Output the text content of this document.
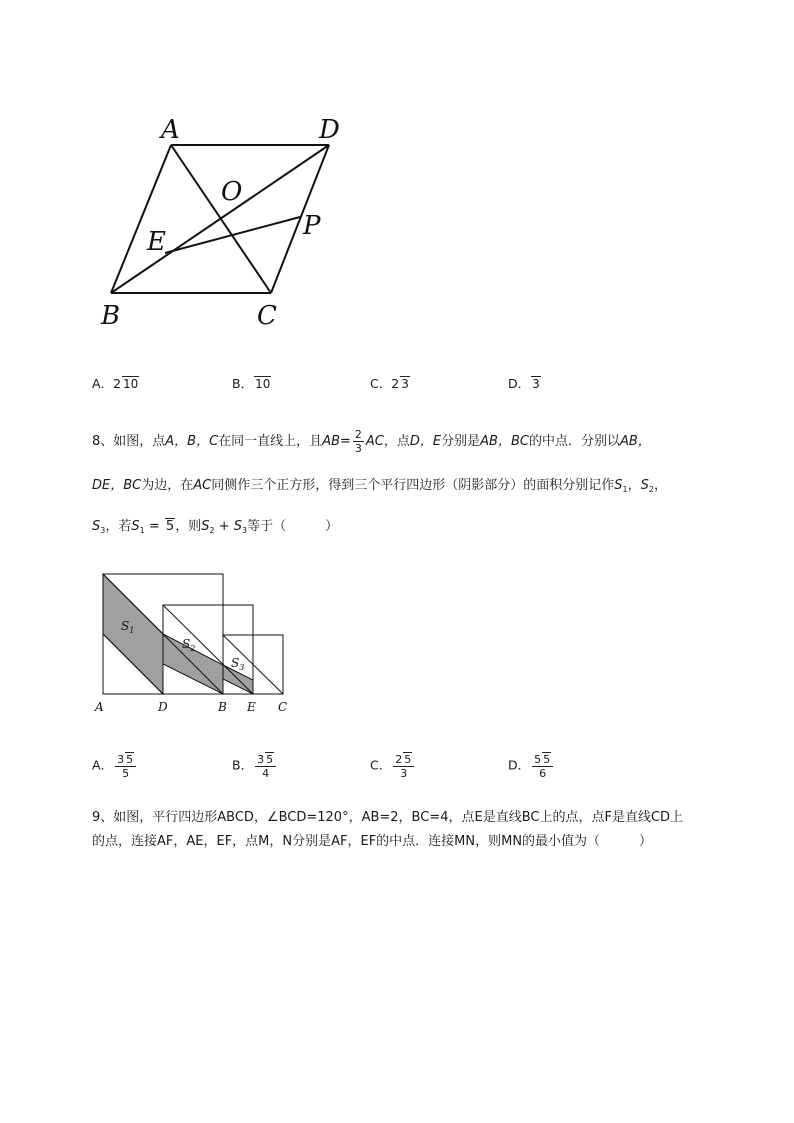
A	D
O
P
E
B	C
A．2 10	B． 10	C．2 3	D． 3
8、如图，点A，B，C在同一直线上，且$AB= \frac{2}{3}$ AC，点D，E分别是AB，BC的中点．分别以AB，
DE，BC为边，在AC同侧作三个正方形，得到三个平行四边形（阴影部分）的面积分别记作$S_1$，$S_2$，
$S_3$，若$S_1 = 5$，则$S_2 + S_3$等于（　　　）
$S_1$
$S_2$
$S_3$
A	D	B E C
A． $\frac{3 5}{5}$	B． $\frac{3 5}{4}$	C． $\frac{2 5}{3}$	D． $\frac{5 5}{6}$
9、如图，平行四边形ABCD，∠BCD=120°，AB=2，BC=4，点E是直线BC上的点，点F是直线CD上
的点，连接AF，AE，EF，点M，N分别是AF，EF的中点．连接MN，则MN的最小值为（　　　）
